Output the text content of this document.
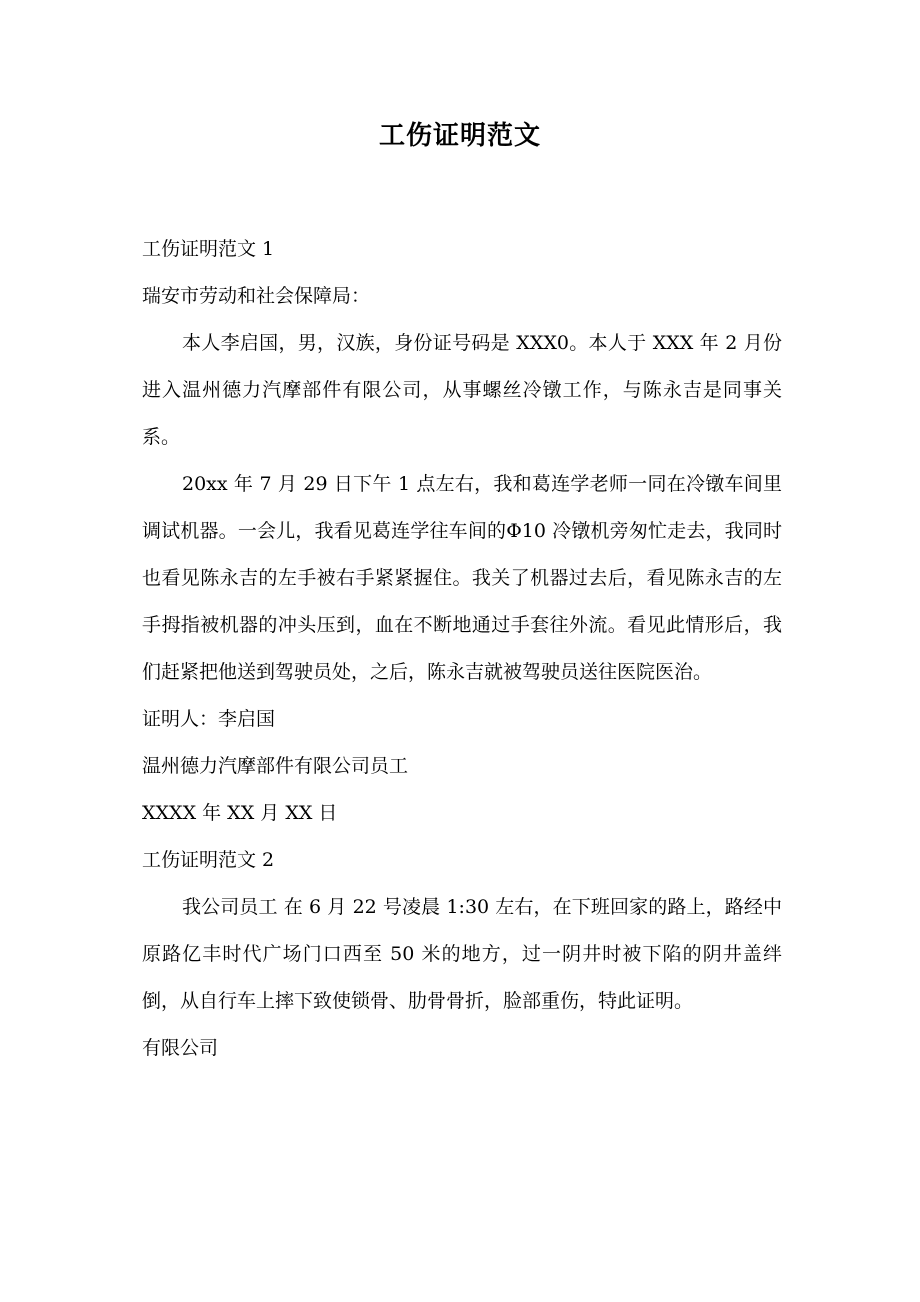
工伤证明范文

工伤证明范文 1

瑞安市劳动和社会保障局：

本人李启国，男，汉族，身份证号码是 XXX0。本人于 XXX 年 2 月份进入温州德力汽摩部件有限公司，从事螺丝冷镦工作，与陈永吉是同事关系。

20xx 年 7 月 29 日下午 1 点左右，我和葛连学老师一同在冷镦车间里调试机器。一会儿，我看见葛连学往车间的Φ10 冷镦机旁匆忙走去，我同时也看见陈永吉的左手被右手紧紧握住。我关了机器过去后，看见陈永吉的左手拇指被机器的冲头压到，血在不断地通过手套往外流。看见此情形后，我们赶紧把他送到驾驶员处，之后，陈永吉就被驾驶员送往医院医治。

证明人：李启国

温州德力汽摩部件有限公司员工

XXXX 年 XX 月 XX 日

工伤证明范文 2

我公司员工 在 6 月 22 号凌晨 1:30 左右，在下班回家的路上，路经中原路亿丰时代广场门口西至 50 米的地方，过一阴井时被下陷的阴井盖绊倒，从自行车上摔下致使锁骨、肋骨骨折，脸部重伤，特此证明。

有限公司
